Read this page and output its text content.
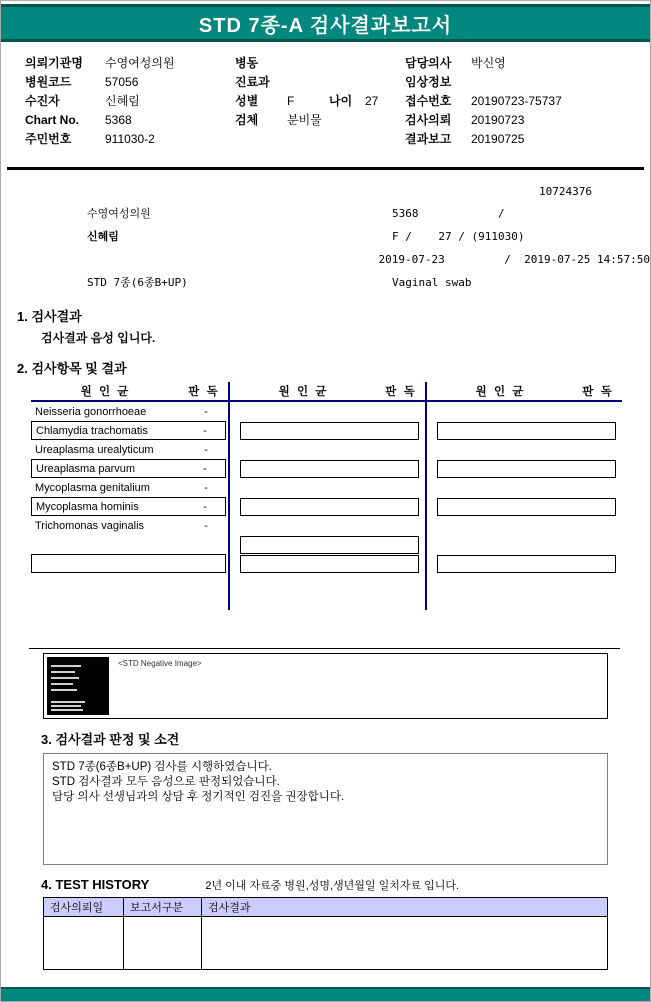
STD 7종-A 검사결과보고서
의뢰기관명	수영여성의원
병원코드	57056
수진자	신혜림
Chart No.	5368
주민번호	911030-2
병동
진료과
성별	F	나이	27
검체	분비물
담당의사	박신영
임상정보
접수번호	20190723-75737
검사의뢰	20190723
결과보고	20190725
10724376
수영여성의원	5368            /
신혜림	F /    27 / (911030)
2019-07-23         /  2019-07-25 14:57:50
STD 7종(6종B+UP)	Vaginal swab
1. 검사결과
검사결과 음성 입니다.
2. 검사항목 및 결과
원 인 균	판 독
Neisseria gonorrhoeae	-
Chlamydia trachomatis	-
Ureaplasma urealyticum	-
Ureaplasma parvum	-
Mycoplasma genitalium	-
Mycoplasma hominis	-
Trichomonas vaginalis	-
원 인 균	판 독	원 인 균	판 독
<STD Negative Image>
3. 검사결과 판정 및 소견
STD 7종(6종B+UP) 검사를 시행하였습니다.
STD 검사결과 모두 음성으로 판정되었습니다.
담당 의사 선생님과의 상담 후 정기적인 검진을 권장합니다.
4. TEST HISTORY	2년 이내 자료중 병원,성명,생년월일 일치자료 입니다.
검사의뢰일	보고서구분	검사결과
